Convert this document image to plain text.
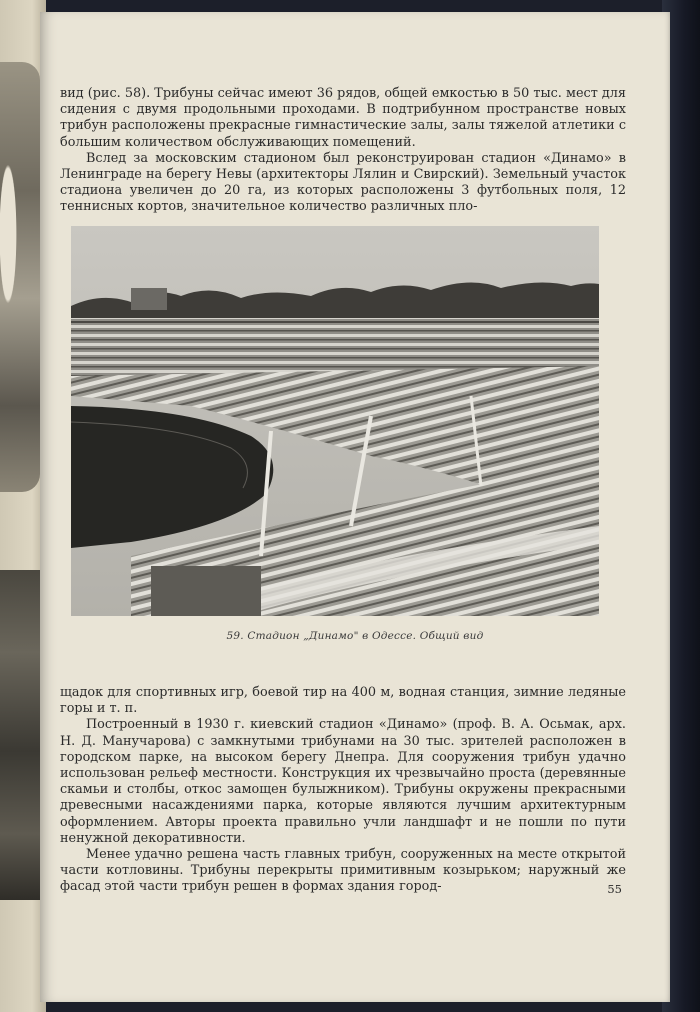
вид (рис. 58). Трибуны сейчас имеют 36 рядов, общей емкостью в 50 тыс. мест для сидения с двумя продольными проходами. В подтрибунном пространстве новых трибун расположены прекрасные гимнастические залы, залы тяжелой атлетики с большим количеством обслуживающих помещений.

Вслед за московским стадионом был реконструирован стадион «Динамо» в Ленинграде на берегу Невы (архитекторы Лялин и Свирский). Земельный участок стадиона увеличен до 20 га, из которых расположены 3 футбольных поля, 12 теннисных кортов, значительное количество различных пло-

59. Стадион „Динамо" в Одессе. Общий вид

щадок для спортивных игр, боевой тир на 400 м, водная станция, зимние ледяные горы и т. п.

Построенный в 1930 г. киевский стадион «Динамо» (проф. В. А. Осьмак, арх. Н. Д. Манучарова) с замкнутыми трибунами на 30 тыс. зрителей расположен в городском парке, на высоком берегу Днепра. Для сооружения трибун удачно использован рельеф местности. Конструкция их чрезвычайно проста (деревянные скамьи и столбы, откос замощен булыжником). Трибуны окружены прекрасными древесными насаждениями парка, которые являются лучшим архитектурным оформлением. Авторы проекта правильно учли ландшафт и не пошли по пути ненужной декоративности.

Менее удачно решена часть главных трибун, сооруженных на месте открытой части котловины. Трибуны перекрыты примитивным козырьком; наружный же фасад этой части трибун решен в формах здания город-	55
